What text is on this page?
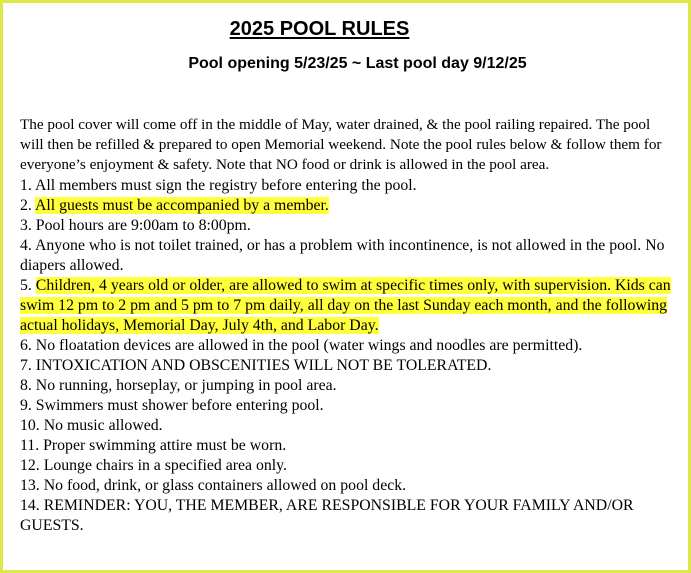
2025 POOL RULES
Pool opening 5/23/25 ~ Last pool day 9/12/25

The pool cover will come off in the middle of May, water drained, & the pool railing repaired. The pool will then be refilled & prepared to open Memorial weekend. Note the pool rules below & follow them for everyone’s enjoyment & safety. Note that NO food or drink is allowed in the pool area.

1. All members must sign the registry before entering the pool.
2. All guests must be accompanied by a member.
3. Pool hours are 9:00am to 8:00pm.
4. Anyone who is not toilet trained, or has a problem with incontinence, is not allowed in the pool. No
diapers allowed.
5. Children, 4 years old or older, are allowed to swim at specific times only, with supervision. Kids can swim 12 pm to 2 pm and 5 pm to 7 pm daily, all day on the last Sunday each month, and the following actual holidays, Memorial Day, July 4th, and Labor Day.
6. No floatation devices are allowed in the pool (water wings and noodles are permitted).
7. INTOXICATION AND OBSCENITIES WILL NOT BE TOLERATED.
8. No running, horseplay, or jumping in pool area.
9. Swimmers must shower before entering pool.
10. No music allowed.
11. Proper swimming attire must be worn.
12. Lounge chairs in a specified area only.
13. No food, drink, or glass containers allowed on pool deck.
14. REMINDER: YOU, THE MEMBER, ARE RESPONSIBLE FOR YOUR FAMILY AND/OR GUESTS.
